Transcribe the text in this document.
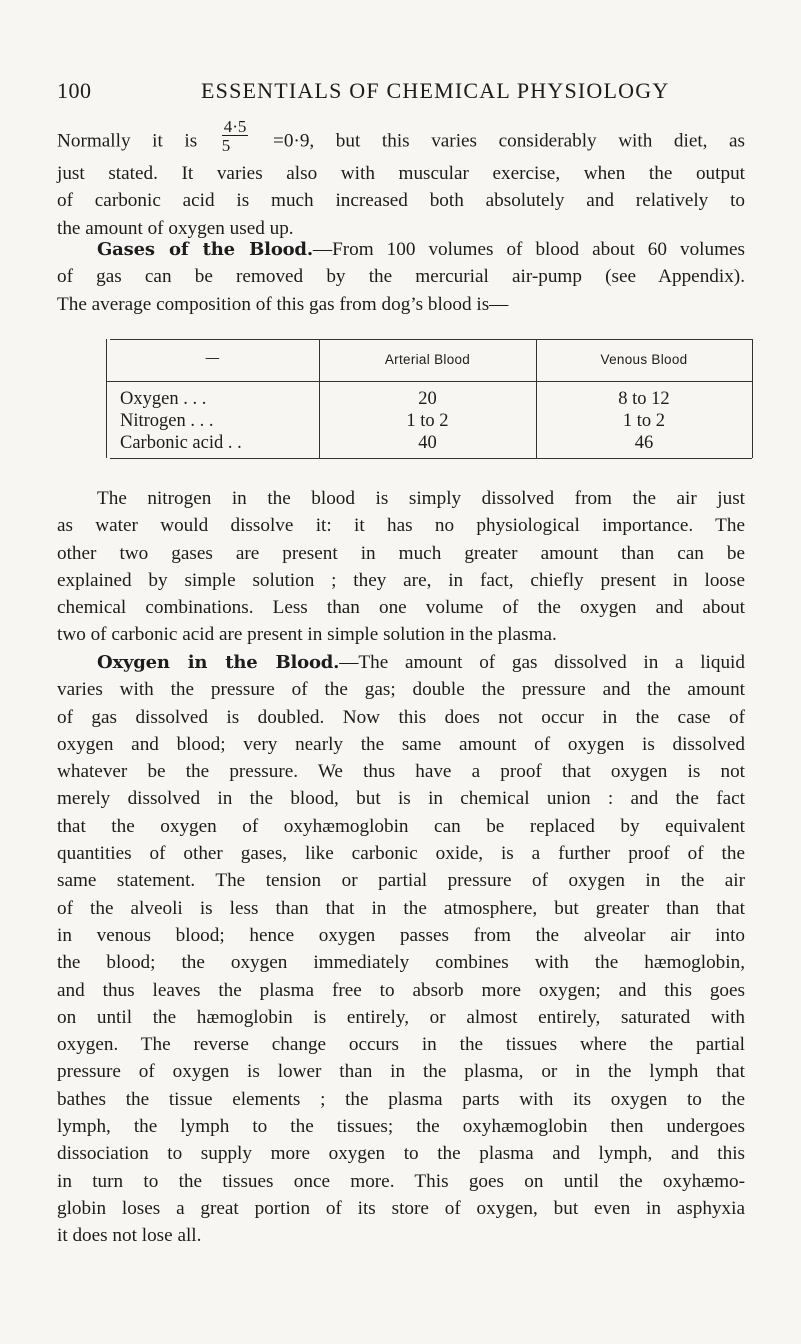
100	ESSENTIALS OF CHEMICAL PHYSIOLOGY
Normally it is $\frac{4\cdot 5}{5} =0\cdot 9$, but this varies considerably with diet, as
just stated. It varies also with muscular exercise, when the output
of carbonic acid is much increased both absolutely and relatively to
the amount of oxygen used up.
Gases of the Blood.—From 100 volumes of blood about 60 volumes
of gas can be removed by the mercurial air-pump (see Appendix).
The average composition of this gas from dog’s blood is—
—	Arterial Blood	Venous Blood
Oxygen . . .	20	8 to 12
Nitrogen . . .	1 to 2	1 to 2
Carbonic acid . .	40	46
The nitrogen in the blood is simply dissolved from the air just
as water would dissolve it: it has no physiological importance. The
other two gases are present in much greater amount than can be
explained by simple solution ; they are, in fact, chiefly present in loose
chemical combinations. Less than one volume of the oxygen and about
two of carbonic acid are present in simple solution in the plasma.
Oxygen in the Blood.—The amount of gas dissolved in a liquid
varies with the pressure of the gas; double the pressure and the amount
of gas dissolved is doubled. Now this does not occur in the case of
oxygen and blood; very nearly the same amount of oxygen is dissolved
whatever be the pressure. We thus have a proof that oxygen is not
merely dissolved in the blood, but is in chemical union : and the fact
that the oxygen of oxyhæmoglobin can be replaced by equivalent
quantities of other gases, like carbonic oxide, is a further proof of the
same statement. The tension or partial pressure of oxygen in the air
of the alveoli is less than that in the atmosphere, but greater than that
in venous blood; hence oxygen passes from the alveolar air into
the blood; the oxygen immediately combines with the hæmoglobin,
and thus leaves the plasma free to absorb more oxygen; and this goes
on until the hæmoglobin is entirely, or almost entirely, saturated with
oxygen. The reverse change occurs in the tissues where the partial
pressure of oxygen is lower than in the plasma, or in the lymph that
bathes the tissue elements ; the plasma parts with its oxygen to the
lymph, the lymph to the tissues; the oxyhæmoglobin then undergoes
dissociation to supply more oxygen to the plasma and lymph, and this
in turn to the tissues once more. This goes on until the oxyhæmo-
globin loses a great portion of its store of oxygen, but even in asphyxia
it does not lose all.
